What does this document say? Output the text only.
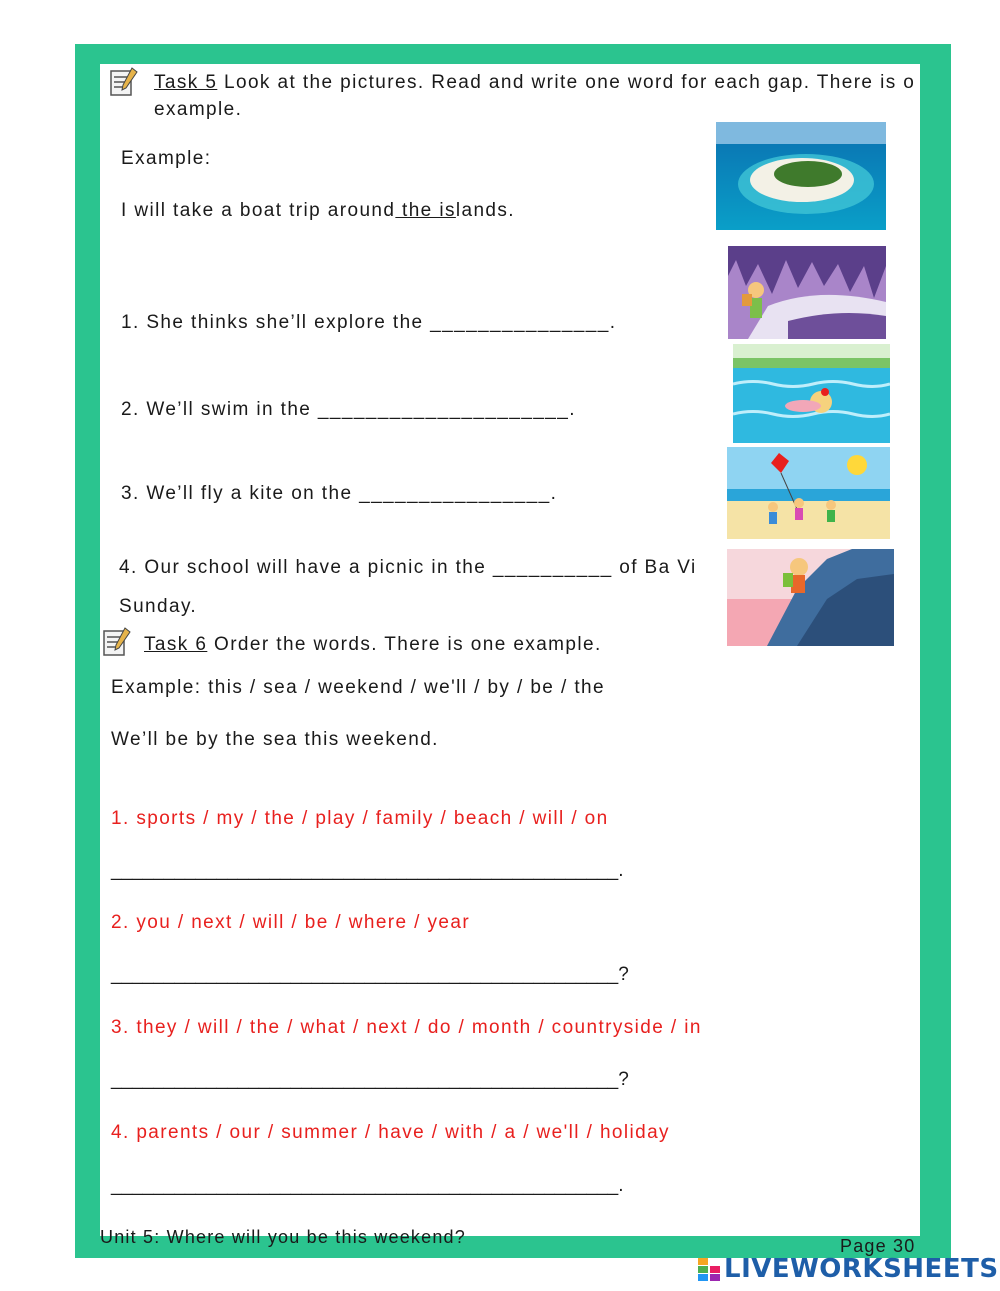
Task 5 Look at the pictures. Read and write one word for each gap. There is o
example.
Example:
I will take a boat trip around the islands.
1. She thinks she’ll explore the _______________.
2. We’ll swim in the _____________________.
3. We’ll fly a kite on the ________________.
4. Our school will have a picnic in the __________ of Ba Vi
Sunday.
Task 6 Order the words. There is one example.
Example: this / sea / weekend / we'll / by / be / the
We’ll be by the sea this weekend.
1. sports / my / the / play / family / beach / will / on
________________________________________________.
2. you / next / will / be / where / year
________________________________________________?
3. they / will / the / what / next / do / month / countryside / in
________________________________________________?
4. parents / our / summer / have / with / a / we'll / holiday
________________________________________________.
Unit 5: Where will you be this weekend?	Page 30
LIVEWORKSHEETS
